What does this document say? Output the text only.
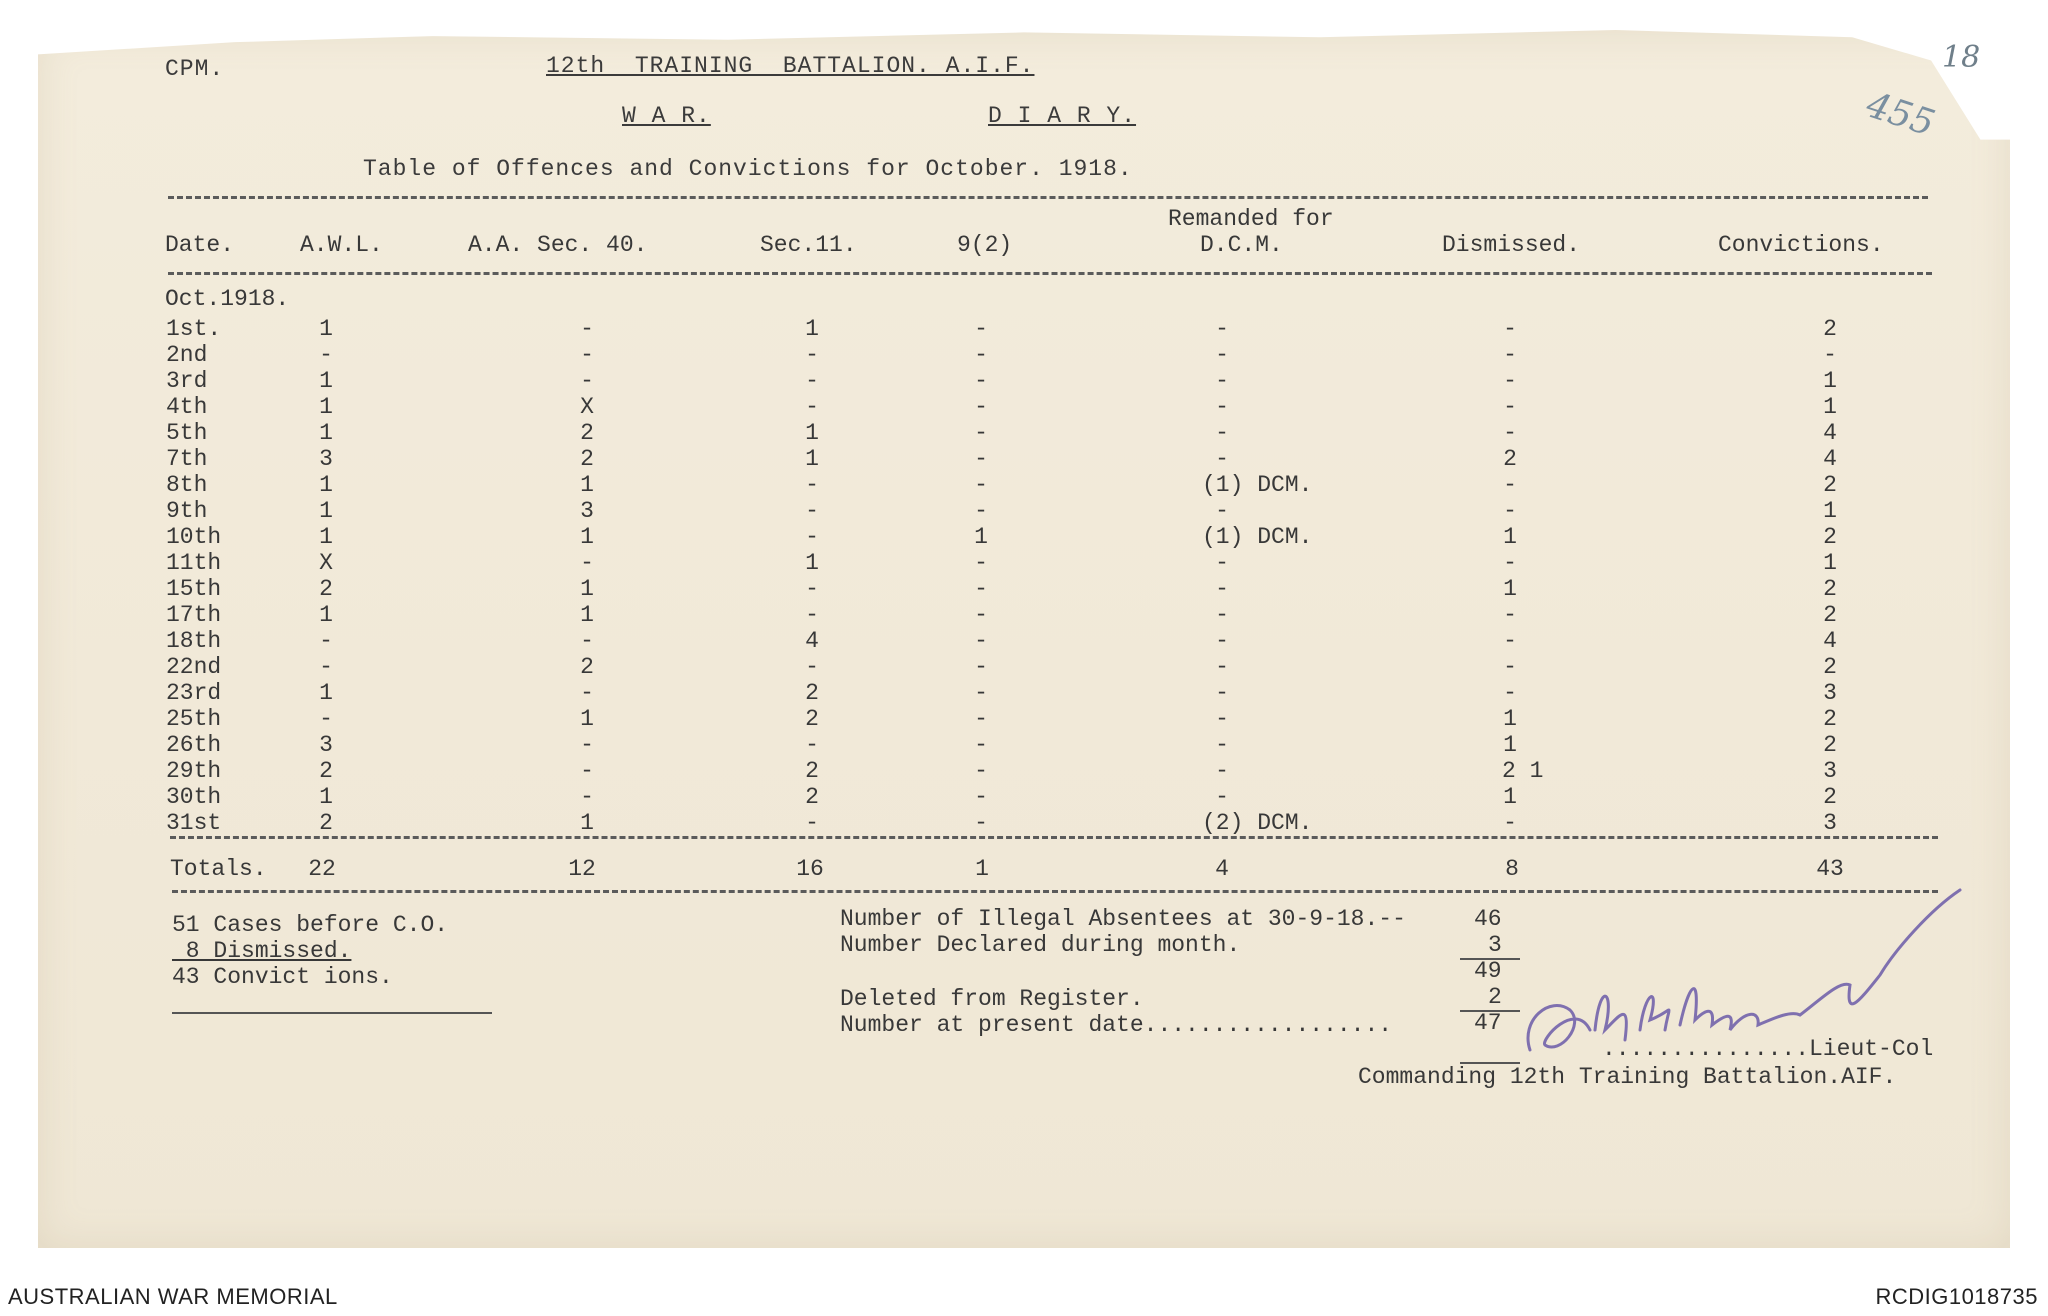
CPM.	12th  TRAINING  BATTALION. A.I.F.
W A R.	D I A R Y.
Table of Offences and Convictions for October. 1918.
18
455
Remanded for
Date.	A.W.L.	A.A. Sec. 40.	Sec.11.	9(2)	D.C.M.	Dismissed.	Convictions.
Oct.1918.
1st.	1	-	1	-	-	-	2
2nd	-	-	-	-	-	-	-
3rd	1	-	-	-	-	-	1
4th	1	X	-	-	-	-	1
5th	1	2	1	-	-	-	4
7th	3	2	1	-	-	2	4
8th	1	1	-	-	(1) DCM.	-	2
9th	1	3	-	-	-	-	1
10th	1	1	-	1	(1) DCM.	1	2
11th	X	-	1	-	-	-	1
15th	2	1	-	-	-	1	2
17th	1	1	-	-	-	-	2
18th	-	-	4	-	-	-	4
22nd	-	2	-	-	-	-	2
23rd	1	-	2	-	-	-	3
25th	-	1	2	-	-	1	2
26th	3	-	-	-	-	1	2
29th	2	-	2	-	-	2 1	3
30th	1	-	2	-	-	1	2
31st	2	1	-	-	(2) DCM.	-	3
Totals. 22	12	16	1	4	8	43
51 Cases before C.O.
8 Dismissed.
43 Convict ions.
Number of Illegal Absentees at 30-9-18.--	46
Number Declared during month.	3
49
Deleted from Register.	2
Number at present date..................	47
...............Lieut-Col
Commanding 12th Training Battalion.AIF.
AUSTRALIAN WAR MEMORIAL	RCDIG1018735
